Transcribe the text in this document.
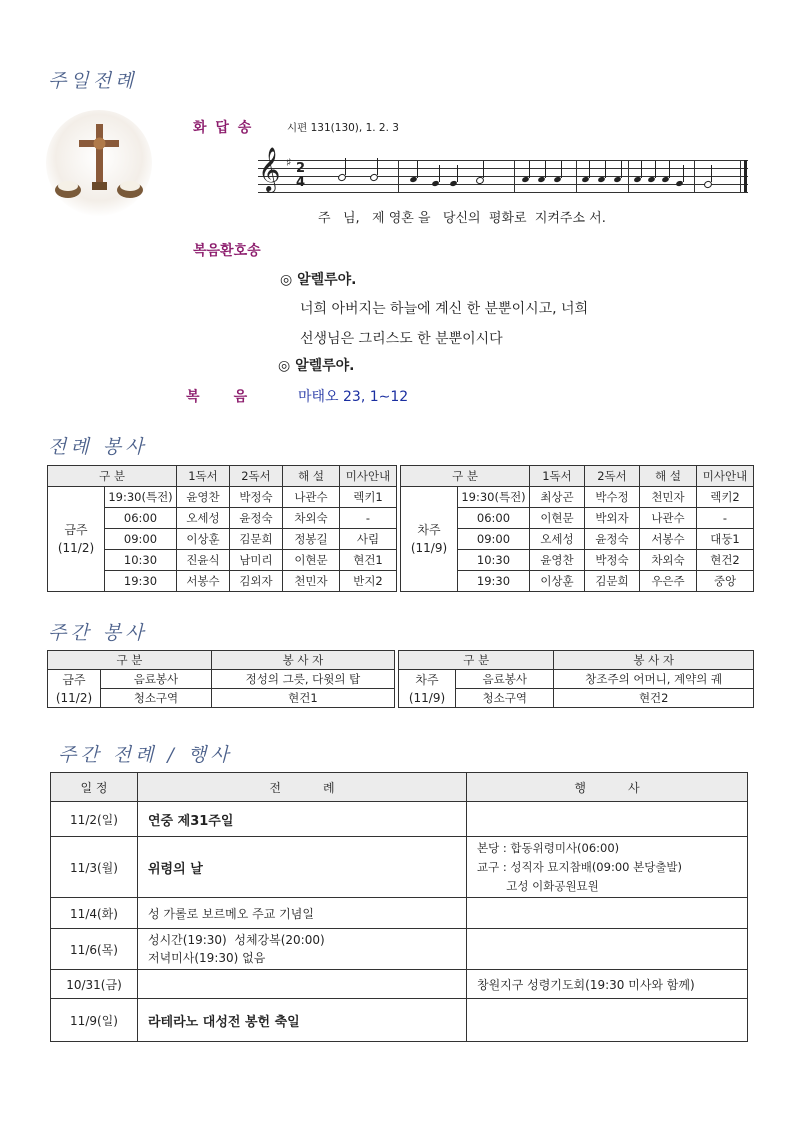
주일전례
화 답 송	시편 131(130), 1. 2. 3
𝄞 ♯ 2
4
주   님,   제 영혼 을   당신의  평화로  지켜주소 서.
복음환호송
◎ 알렐루야.
너희 아버지는 하늘에 계신 한 분뿐이시고, 너희
선생님은 그리스도 한 분뿐이시다
◎ 알렐루야.
복       음	마태오 23, 1∼12
전례 봉사
구 분		1독서	2독서	해 설	미사안내
금주
(11/2)	19:30(특전)	윤영찬	박정숙	나관수	렉키1
	06:00	오세성	윤정숙	차외숙	-
	09:00	이상훈	김문희	정봉길	사림
	10:30	진윤식	남미리	이현문	현건1
	19:30	서봉수	김외자	천민자	반지2
구 분		1독서	2독서	해 설	미사안내
차주
(11/9)	19:30(특전)	최상곤	박수정	천민자	렉키2
	06:00	이현문	박외자	나관수	-
	09:00	오세성	윤정숙	서봉수	대둥1
	10:30	윤영찬	박정숙	차외숙	현건2
	19:30	이상훈	김문희	우은주	중앙
주간 봉사
구 분		봉 사 자
금주
(11/2)	음료봉사	정성의 그릇, 다윗의 탑
	청소구역	현건1
구 분		봉 사 자
차주
(11/9)	음료봉사	창조주의 어머니, 계약의 궤
	청소구역	현건2
주간 전례 / 행사
일 정	전           례	행           사
11/2(일)	연중 제31주일	
11/3(월)	위령의 날	본당 : 합동위령미사(06:00)
교구 : 성직자 묘지참배(09:00 본당출발)
고성 이화공원묘원
11/4(화)	성 가롤로 보르메오 주교 기념일	
11/6(목)	성시간(19:30)  성체강복(20:00)
저녁미사(19:30) 없음	
10/31(금)		창원지구 성령기도회(19:30 미사와 함께)
11/9(일)	라테라노 대성전 봉헌 축일	
